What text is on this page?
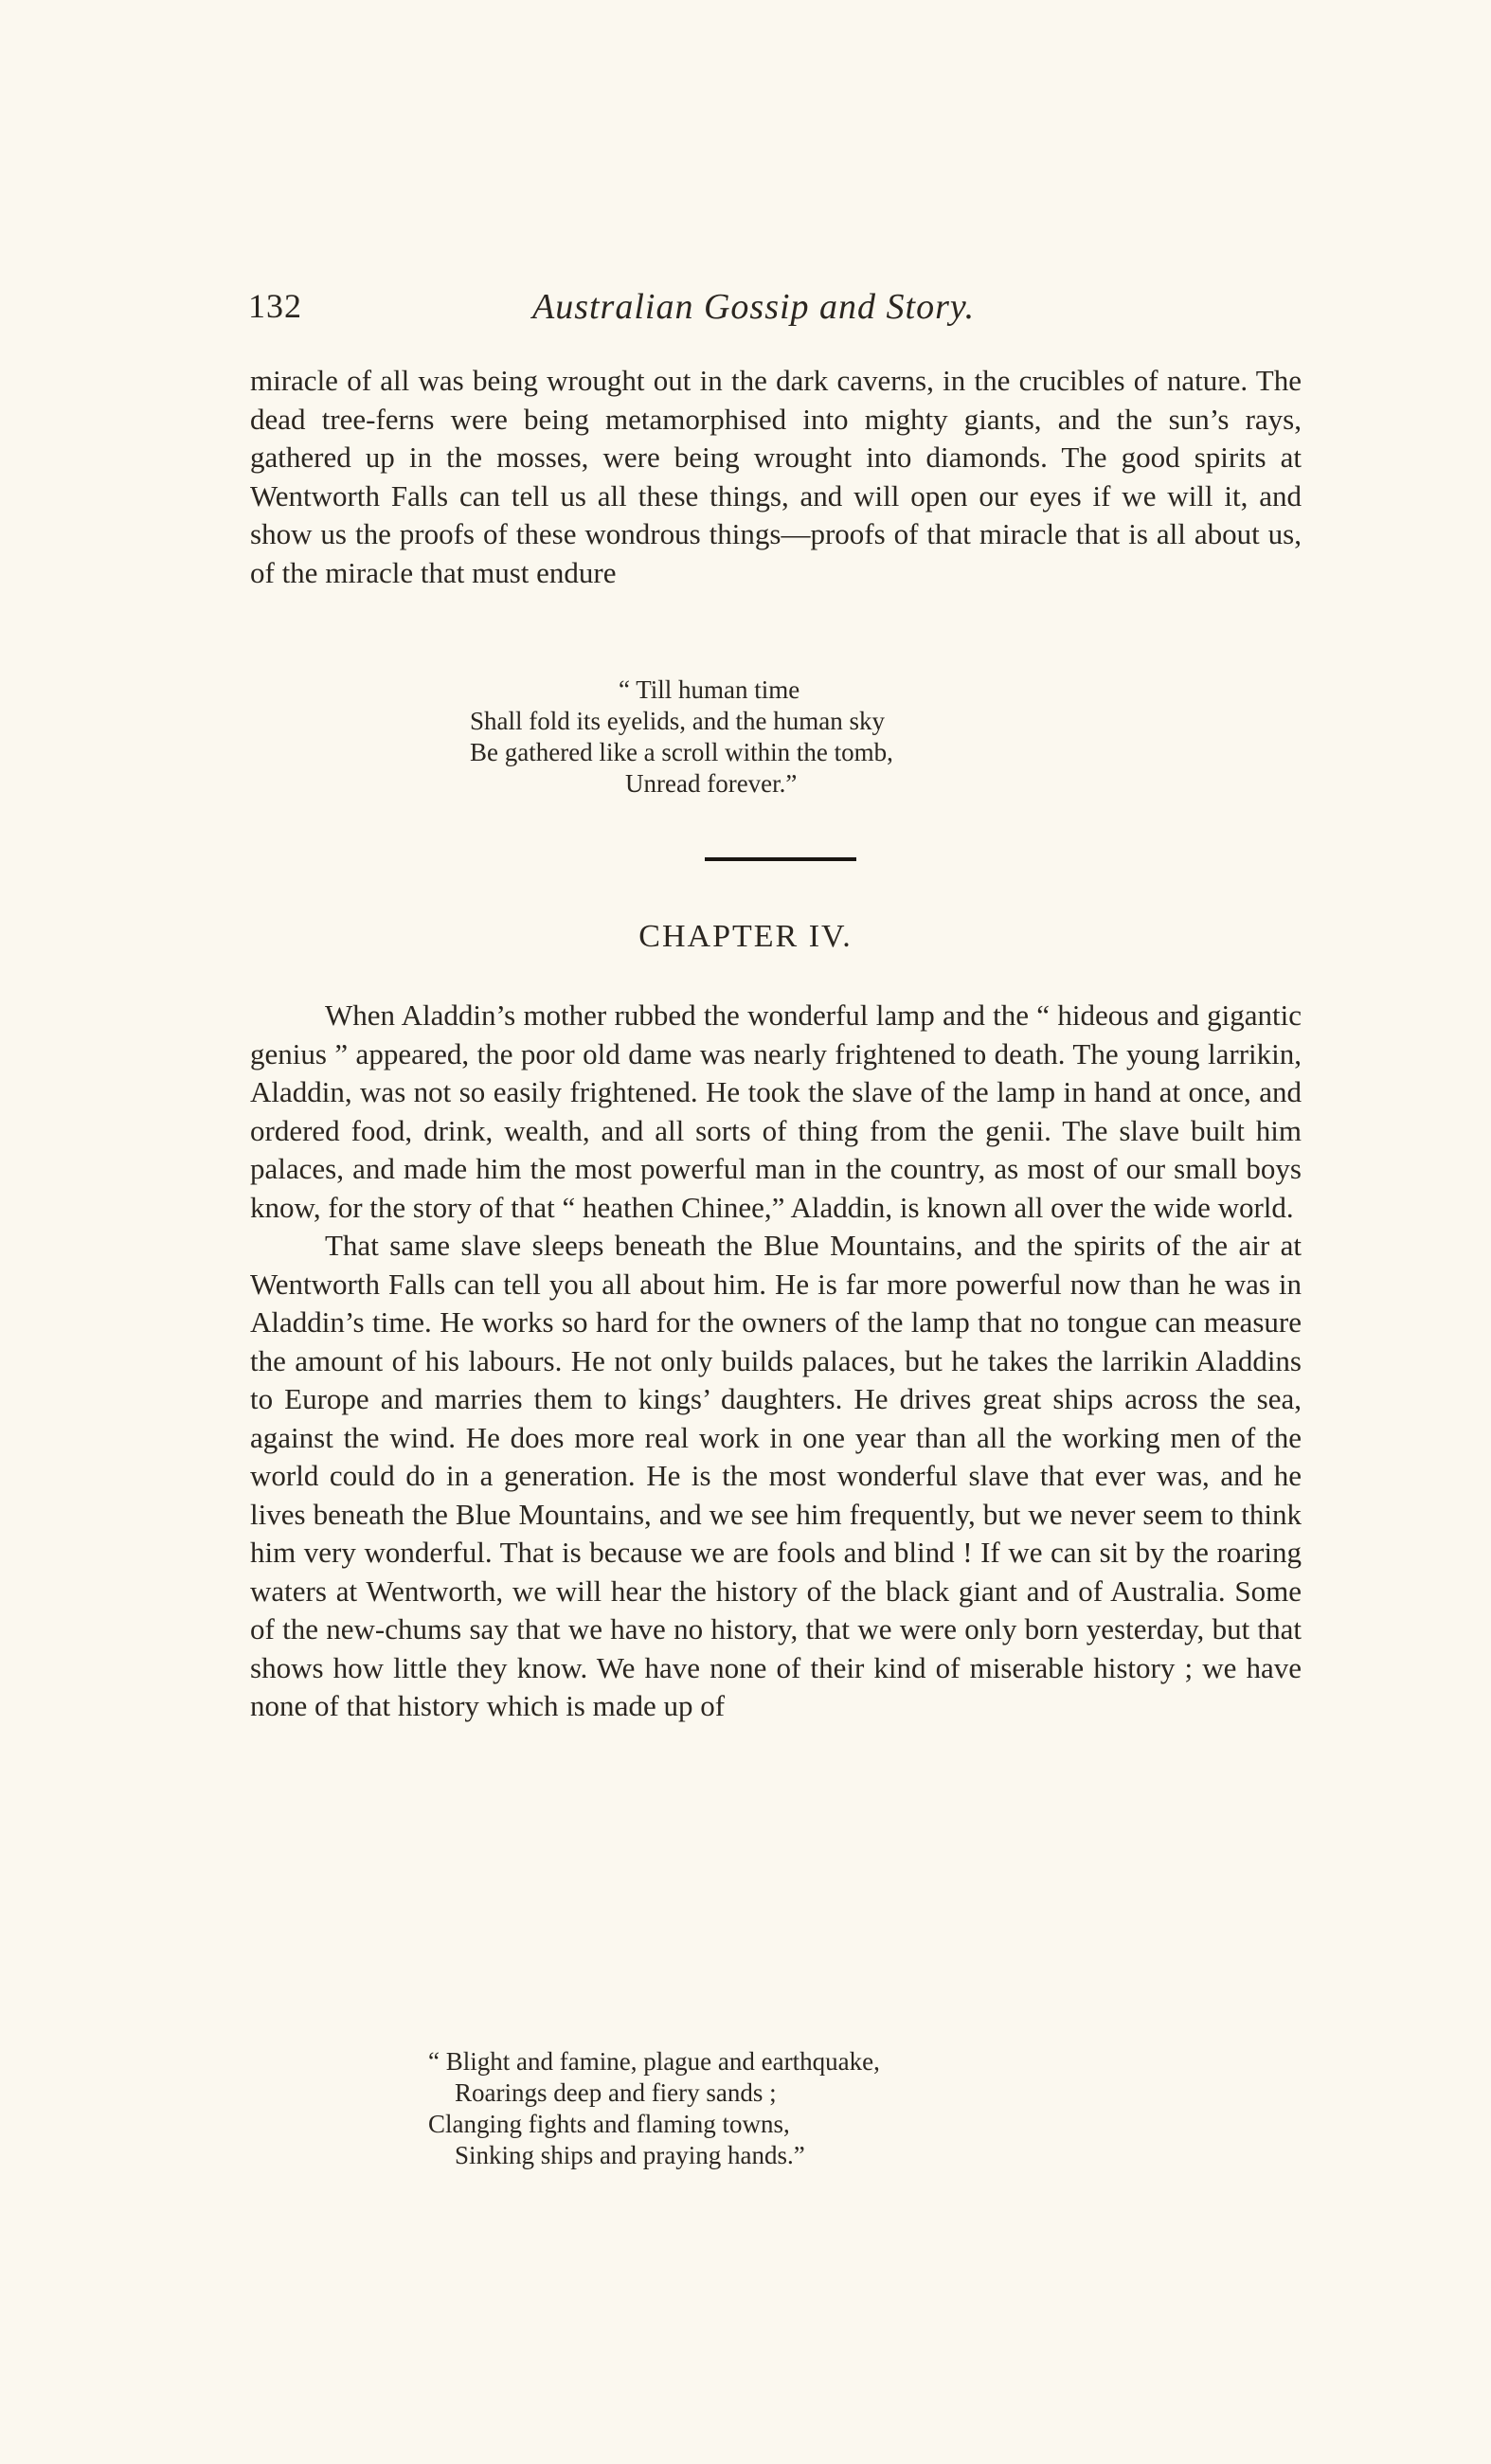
132	Australian Gossip and Story.

miracle of all was being wrought out in the dark caverns, in the crucibles of nature. The dead tree-ferns were being metamorphised into mighty giants, and the sun’s rays, gathered up in the mosses, were being wrought into diamonds. The good spirits at Wentworth Falls can tell us all these things, and will open our eyes if we will it, and show us the proofs of these wondrous things—proofs of that miracle that is all about us, of the miracle that must endure

“ Till human time
Shall fold its eyelids, and the human sky
Be gathered like a scroll within the tomb,
Unread forever.”
CHAPTER IV.

When Aladdin’s mother rubbed the wonderful lamp and the “ hideous and gigantic genius ” appeared, the poor old dame was nearly frightened to death. The young larrikin, Aladdin, was not so easily frightened. He took the slave of the lamp in hand at once, and ordered food, drink, wealth, and all sorts of thing from the genii. The slave built him palaces, and made him the most powerful man in the country, as most of our small boys know, for the story of that “ heathen Chinee,” Aladdin, is known all over the wide world.

That same slave sleeps beneath the Blue Mountains, and the spirits of the air at Wentworth Falls can tell you all about him. He is far more powerful now than he was in Aladdin’s time. He works so hard for the owners of the lamp that no tongue can measure the amount of his labours. He not only builds palaces, but he takes the larrikin Aladdins to Europe and marries them to kings’ daughters. He drives great ships across the sea, against the wind. He does more real work in one year than all the working men of the world could do in a generation. He is the most wonderful slave that ever was, and he lives beneath the Blue Mountains, and we see him frequently, but we never seem to think him very wonderful. That is because we are fools and blind ! If we can sit by the roaring waters at Wentworth, we will hear the history of the black giant and of Australia. Some of the new-chums say that we have no history, that we were only born yesterday, but that shows how little they know. We have none of their kind of miserable history ; we have none of that history which is made up of

“ Blight and famine, plague and earthquake,
Roarings deep and fiery sands ;
Clanging fights and flaming towns,
Sinking ships and praying hands.”
